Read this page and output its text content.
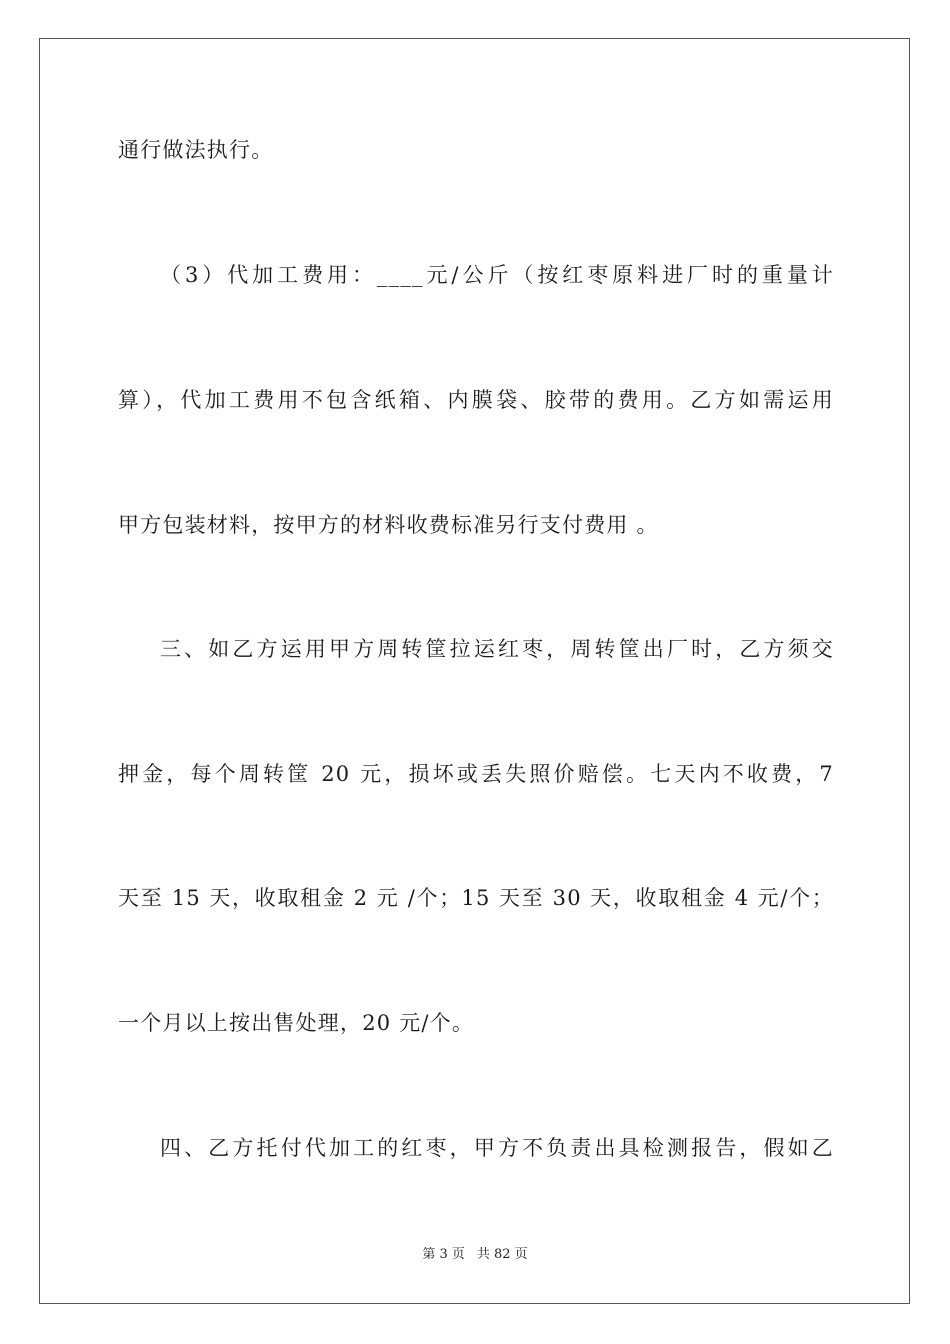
通行做法执行。
（3）代加工费用：____元/公斤（按红枣原料进厂时的重量计
算），代加工费用不包含纸箱、内膜袋、胶带的费用。乙方如需运用
甲方包装材料，按甲方的材料收费标准另行支付费用 。
三、如乙方运用甲方周转筐拉运红枣，周转筐出厂时，乙方须交
押金，每个周转筐 20 元，损坏或丢失照价赔偿。七天内不收费，7
天至 15 天，收取租金 2 元 /个；15 天至 30 天，收取租金 4 元/个；
一个月以上按出售处理，20 元/个。
四、乙方托付代加工的红枣，甲方不负责出具检测报告，假如乙
第 3 页 共 82 页
